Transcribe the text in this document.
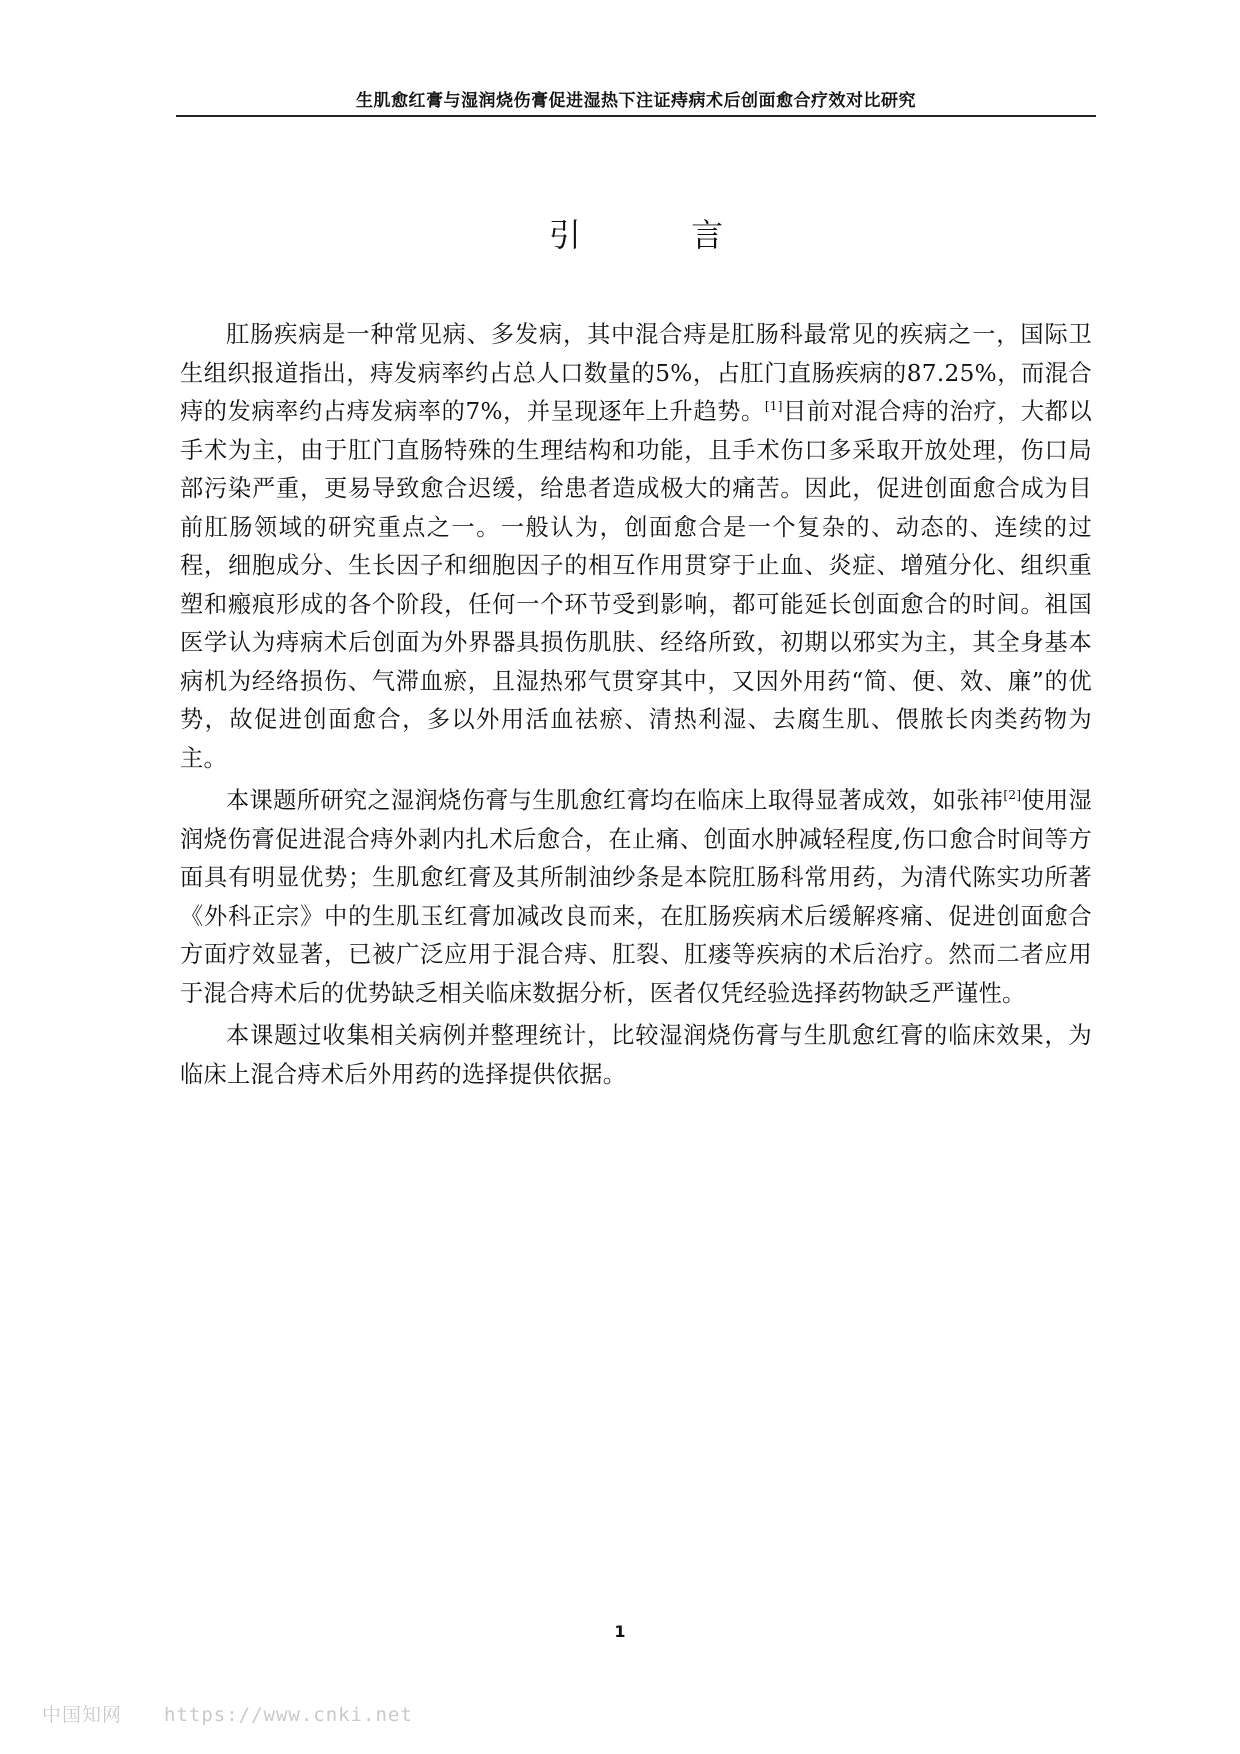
生肌愈红膏与湿润烧伤膏促进湿热下注证痔病术后创面愈合疗效对比研究
引 言

肛肠疾病是一种常见病、多发病，其中混合痔是肛肠科最常见的疾病之一，国际卫生组织报道指出，痔发病率约占总人口数量的5%，占肛门直肠疾病的87.25%，而混合痔的发病率约占痔发病率的7%，并呈现逐年上升趋势。[1]目前对混合痔的治疗，大都以手术为主，由于肛门直肠特殊的生理结构和功能，且手术伤口多采取开放处理，伤口局部污染严重，更易导致愈合迟缓，给患者造成极大的痛苦。因此，促进创面愈合成为目前肛肠领域的研究重点之一。一般认为，创面愈合是一个复杂的、动态的、连续的过程，细胞成分、生长因子和细胞因子的相互作用贯穿于止血、炎症、增殖分化、组织重塑和瘢痕形成的各个阶段，任何一个环节受到影响，都可能延长创面愈合的时间。祖国医学认为痔病术后创面为外界器具损伤肌肤、经络所致，初期以邪实为主，其全身基本病机为经络损伤、气滞血瘀，且湿热邪气贯穿其中，又因外用药“简、便、效、廉”的优势，故促进创面愈合，多以外用活血祛瘀、清热利湿、去腐生肌、偎脓长肉类药物为主。

本课题所研究之湿润烧伤膏与生肌愈红膏均在临床上取得显著成效，如张祎[2]使用湿润烧伤膏促进混合痔外剥内扎术后愈合，在止痛、创面水肿减轻程度,伤口愈合时间等方面具有明显优势；生肌愈红膏及其所制油纱条是本院肛肠科常用药，为清代陈实功所著《外科正宗》中的生肌玉红膏加减改良而来，在肛肠疾病术后缓解疼痛、促进创面愈合方面疗效显著，已被广泛应用于混合痔、肛裂、肛瘘等疾病的术后治疗。然而二者应用于混合痔术后的优势缺乏相关临床数据分析，医者仅凭经验选择药物缺乏严谨性。

本课题过收集相关病例并整理统计，比较湿润烧伤膏与生肌愈红膏的临床效果，为临床上混合痔术后外用药的选择提供依据。

1
中国知网 https://www.cnki.net
